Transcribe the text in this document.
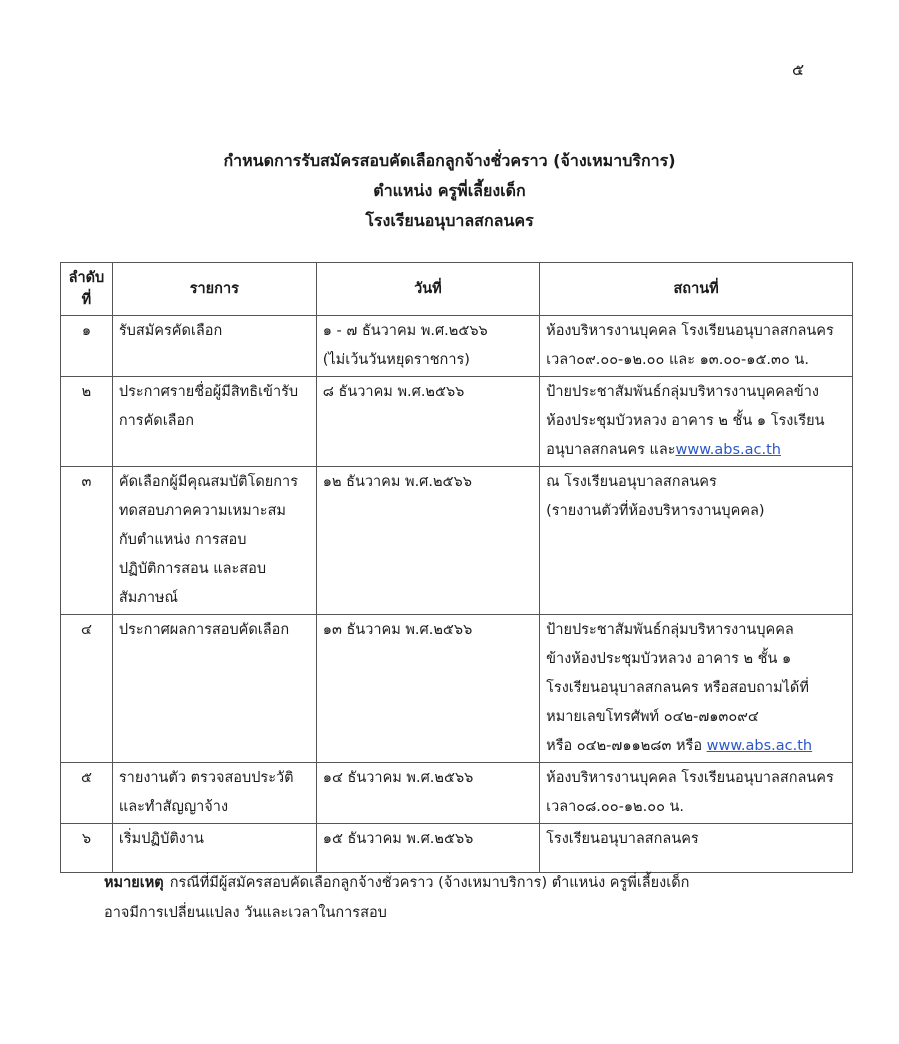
๕
กำหนดการรับสมัครสอบคัดเลือกลูกจ้างชั่วคราว (จ้างเหมาบริการ)
ตำแหน่ง ครูพี่เลี้ยงเด็ก
โรงเรียนอนุบาลสกลนคร
ลำดับ
ที่	รายการ	วันที่	สถานที่
๑	รับสมัครคัดเลือก	๑ - ๗ ธันวาคม พ.ศ.๒๕๖๖
(ไม่เว้นวันหยุดราชการ)	ห้องบริหารงานบุคคล โรงเรียนอนุบาลสกลนคร
เวลา๐๙.๐๐-๑๒.๐๐ และ ๑๓.๐๐-๑๕.๓๐ น.

๒	ประกาศรายชื่อผู้มีสิทธิเข้ารับ
การคัดเลือก	๘ ธันวาคม พ.ศ.๒๕๖๖	ป้ายประชาสัมพันธ์กลุ่มบริหารงานบุคคลข้าง
ห้องประชุมบัวหลวง อาคาร ๒ ชั้น ๑ โรงเรียน
อนุบาลสกลนคร และwww.abs.ac.th

๓	คัดเลือกผู้มีคุณสมบัติโดยการ
ทดสอบภาคความเหมาะสม
กับตำแหน่ง การสอบ
ปฏิบัติการสอน และสอบ
สัมภาษณ์	๑๒ ธันวาคม พ.ศ.๒๕๖๖	ณ โรงเรียนอนุบาลสกลนคร
(รายงานตัวที่ห้องบริหารงานบุคคล)

๔	ประกาศผลการสอบคัดเลือก	๑๓ ธันวาคม พ.ศ.๒๕๖๖	ป้ายประชาสัมพันธ์กลุ่มบริหารงานบุคคล
ข้างห้องประชุมบัวหลวง อาคาร ๒ ชั้น ๑
โรงเรียนอนุบาลสกลนคร หรือสอบถามได้ที่
หมายเลขโทรศัพท์ ๐๔๒-๗๑๓๐๙๔
หรือ ๐๔๒-๗๑๑๒๘๓ หรือ www.abs.ac.th

๕	รายงานตัว ตรวจสอบประวัติ
และทำสัญญาจ้าง	๑๔ ธันวาคม พ.ศ.๒๕๖๖	ห้องบริหารงานบุคคล โรงเรียนอนุบาลสกลนคร
เวลา๐๘.๐๐-๑๒.๐๐ น.

๖	เริ่มปฏิบัติงาน	๑๕ ธันวาคม พ.ศ.๒๕๖๖	โรงเรียนอนุบาลสกลนคร
หมายเหตุ กรณีที่มีผู้สมัครสอบคัดเลือกลูกจ้างชั่วคราว (จ้างเหมาบริการ) ตำแหน่ง ครูพี่เลี้ยงเด็ก
อาจมีการเปลี่ยนแปลง วันและเวลาในการสอบ
